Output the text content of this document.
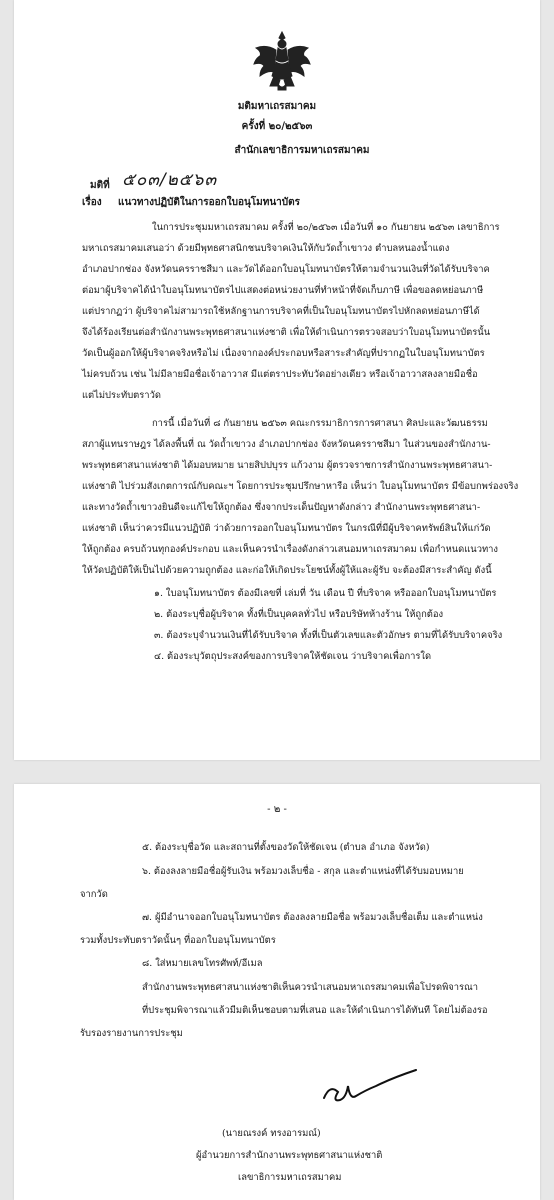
มติมหาเถรสมาคม
ครั้งที่ ๒๐/๒๕๖๓
สำนักเลขาธิการมหาเถรสมาคม
มติที่ ๕๐๓/๒๕๖๓
เรื่อง แนวทางปฏิบัติในการออกใบอนุโมทนาบัตร
ในการประชุมมหาเถรสมาคม ครั้งที่ ๒๐/๒๕๖๓ เมื่อวันที่ ๑๐ กันยายน ๒๕๖๓ เลขาธิการ
มหาเถรสมาคมเสนอว่า ด้วยมีพุทธศาสนิกชนบริจาคเงินให้กับวัดถ้ำเขาวง ตำบลหนองน้ำแดง
อำเภอปากช่อง จังหวัดนครราชสีมา และวัดได้ออกใบอนุโมทนาบัตรให้ตามจำนวนเงินที่วัดได้รับบริจาค
ต่อมาผู้บริจาคได้นำใบอนุโมทนาบัตรไปแสดงต่อหน่วยงานที่ทำหน้าที่จัดเก็บภาษี เพื่อขอลดหย่อนภาษี
แต่ปรากฏว่า ผู้บริจาคไม่สามารถใช้หลักฐานการบริจาคที่เป็นใบอนุโมทนาบัตรไปหักลดหย่อนภาษีได้
จึงได้ร้องเรียนต่อสำนักงานพระพุทธศาสนาแห่งชาติ เพื่อให้ดำเนินการตรวจสอบว่าใบอนุโมทนาบัตรนั้น
วัดเป็นผู้ออกให้ผู้บริจาคจริงหรือไม่ เนื่องจากองค์ประกอบหรือสาระสำคัญที่ปรากฏในใบอนุโมทนาบัตร
ไม่ครบถ้วน เช่น ไม่มีลายมือชื่อเจ้าอาวาส มีแต่ตราประทับวัดอย่างเดียว หรือเจ้าอาวาสลงลายมือชื่อ
แต่ไม่ประทับตราวัด
การนี้ เมื่อวันที่ ๘ กันยายน ๒๕๖๓ คณะกรรมาธิการการศาสนา ศิลปะและวัฒนธรรม
สภาผู้แทนราษฎร ได้ลงพื้นที่ ณ วัดถ้ำเขาวง อำเภอปากช่อง จังหวัดนครราชสีมา ในส่วนของสำนักงาน-
พระพุทธศาสนาแห่งชาติ ได้มอบหมาย นายสิปปบุรร แก้วงาม ผู้ตรวจราชการสำนักงานพระพุทธศาสนา-
แห่งชาติ ไปร่วมสังเกตการณ์กับคณะฯ โดยการประชุมปรึกษาหารือ เห็นว่า ใบอนุโมทนาบัตร มีข้อบกพร่องจริง
และทางวัดถ้ำเขาวงยินดีจะแก้ไขให้ถูกต้อง ซึ่งจากประเด็นปัญหาดังกล่าว สำนักงานพระพุทธศาสนา-
แห่งชาติ เห็นว่าควรมีแนวปฏิบัติ ว่าด้วยการออกใบอนุโมทนาบัตร ในกรณีที่มีผู้บริจาคทรัพย์สินให้แก่วัด
ให้ถูกต้อง ครบถ้วนทุกองค์ประกอบ และเห็นควรนำเรื่องดังกล่าวเสนอมหาเถรสมาคม เพื่อกำหนดแนวทาง
ให้วัดปฏิบัติให้เป็นไปด้วยความถูกต้อง และก่อให้เกิดประโยชน์ทั้งผู้ให้และผู้รับ จะต้องมีสาระสำคัญ ดังนี้
๑. ใบอนุโมทนาบัตร ต้องมีเลขที่ เล่มที่ วัน เดือน ปี ที่บริจาค หรือออกใบอนุโมทนาบัตร
๒. ต้องระบุชื่อผู้บริจาค ทั้งที่เป็นบุคคลทั่วไป หรือบริษัทห้างร้าน ให้ถูกต้อง
๓. ต้องระบุจำนวนเงินที่ได้รับบริจาค ทั้งที่เป็นตัวเลขและตัวอักษร ตามที่ได้รับบริจาคจริง
๔. ต้องระบุวัตถุประสงค์ของการบริจาคให้ชัดเจน ว่าบริจาคเพื่อการใด
- ๒ -
๕. ต้องระบุชื่อวัด และสถานที่ตั้งของวัดให้ชัดเจน (ตำบล อำเภอ จังหวัด)
๖. ต้องลงลายมือชื่อผู้รับเงิน พร้อมวงเล็บชื่อ - สกุล และตำแหน่งที่ได้รับมอบหมาย
จากวัด
๗. ผู้มีอำนาจออกใบอนุโมทนาบัตร ต้องลงลายมือชื่อ พร้อมวงเล็บชื่อเต็ม และตำแหน่ง
รวมทั้งประทับตราวัดนั้นๆ ที่ออกใบอนุโมทนาบัตร
๘. ใส่หมายเลขโทรศัพท์/อีเมล
สำนักงานพระพุทธศาสนาแห่งชาติเห็นควรนำเสนอมหาเถรสมาคมเพื่อโปรดพิจารณา
ที่ประชุมพิจารณาแล้วมีมติเห็นชอบตามที่เสนอ และให้ดำเนินการได้ทันที โดยไม่ต้องรอ
รับรองรายงานการประชุม
(นายณรงค์ ทรงอารมณ์)
ผู้อำนวยการสำนักงานพระพุทธศาสนาแห่งชาติ
เลขาธิการมหาเถรสมาคม
